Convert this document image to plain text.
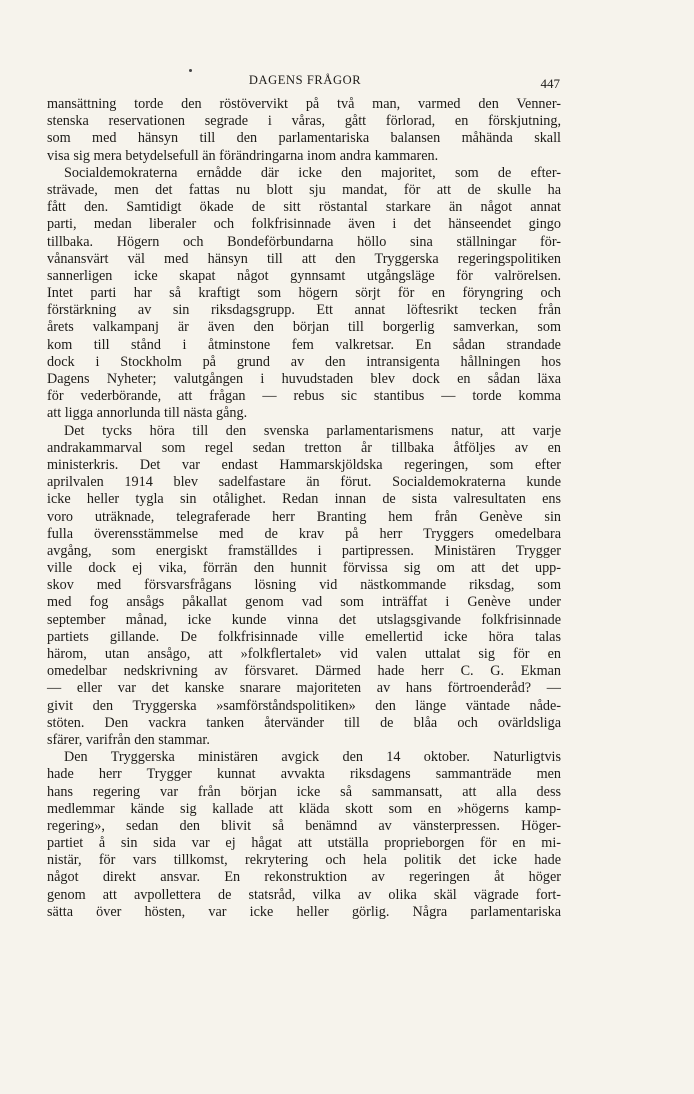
DAGENS FRÅGOR	447
mansättning torde den röstövervikt på två man, varmed den Venner-
stenska reservationen segrade i våras, gått förlorad, en förskjutning,
som med hänsyn till den parlamentariska balansen måhända skall
visa sig mera betydelsefull än förändringarna inom andra kammaren.
Socialdemokraterna ernådde där icke den majoritet, som de efter-
strävade, men det fattas nu blott sju mandat, för att de skulle ha
fått den. Samtidigt ökade de sitt röstantal starkare än något annat
parti, medan liberaler och folkfrisinnade även i det hänseendet gingo
tillbaka. Högern och Bondeförbundarna höllo sina ställningar för-
vånansvärt väl med hänsyn till att den Tryggerska regeringspolitiken
sannerligen icke skapat något gynnsamt utgångsläge för valrörelsen.
Intet parti har så kraftigt som högern sörjt för en föryngring och
förstärkning av sin riksdagsgrupp. Ett annat löftesrikt tecken från
årets valkampanj är även den början till borgerlig samverkan, som
kom till stånd i åtminstone fem valkretsar. En sådan strandade
dock i Stockholm på grund av den intransigenta hållningen hos
Dagens Nyheter; valutgången i huvudstaden blev dock en sådan läxa
för vederbörande, att frågan — rebus sic stantibus — torde komma
att ligga annorlunda till nästa gång.
Det tycks höra till den svenska parlamentarismens natur, att varje
andrakammarval som regel sedan tretton år tillbaka åtföljes av en
ministerkris. Det var endast Hammarskjöldska regeringen, som efter
aprilvalen 1914 blev sadelfastare än förut. Socialdemokraterna kunde
icke heller tygla sin otålighet. Redan innan de sista valresultaten ens
voro uträknade, telegraferade herr Branting hem från Genève sin
fulla överensstämmelse med de krav på herr Tryggers omedelbara
avgång, som energiskt framställdes i partipressen. Ministären Trygger
ville dock ej vika, förrän den hunnit förvissa sig om att det upp-
skov med försvarsfrågans lösning vid nästkommande riksdag, som
med fog ansågs påkallat genom vad som inträffat i Genève under
september månad, icke kunde vinna det utslagsgivande folkfrisinnade
partiets gillande. De folkfrisinnade ville emellertid icke höra talas
härom, utan ansågo, att »folkflertalet» vid valen uttalat sig för en
omedelbar nedskrivning av försvaret. Därmed hade herr C. G. Ekman
— eller var det kanske snarare majoriteten av hans förtroenderåd? —
givit den Tryggerska »samförståndspolitiken» den länge väntade nåde-
stöten. Den vackra tanken återvänder till de blåa och ovärldsliga
sfärer, varifrån den stammar.
Den Tryggerska ministären avgick den 14 oktober. Naturligtvis
hade herr Trygger kunnat avvakta riksdagens sammanträde men
hans regering var från början icke så sammansatt, att alla dess
medlemmar kände sig kallade att kläda skott som en »högerns kamp-
regering», sedan den blivit så benämnd av vänsterpressen. Höger-
partiet å sin sida var ej hågat att utställa proprieborgen för en mi-
nistär, för vars tillkomst, rekrytering och hela politik det icke hade
något direkt ansvar. En rekonstruktion av regeringen åt höger
genom att avpollettera de statsråd, vilka av olika skäl vägrade fort-
sätta över hösten, var icke heller görlig. Några parlamentariska
